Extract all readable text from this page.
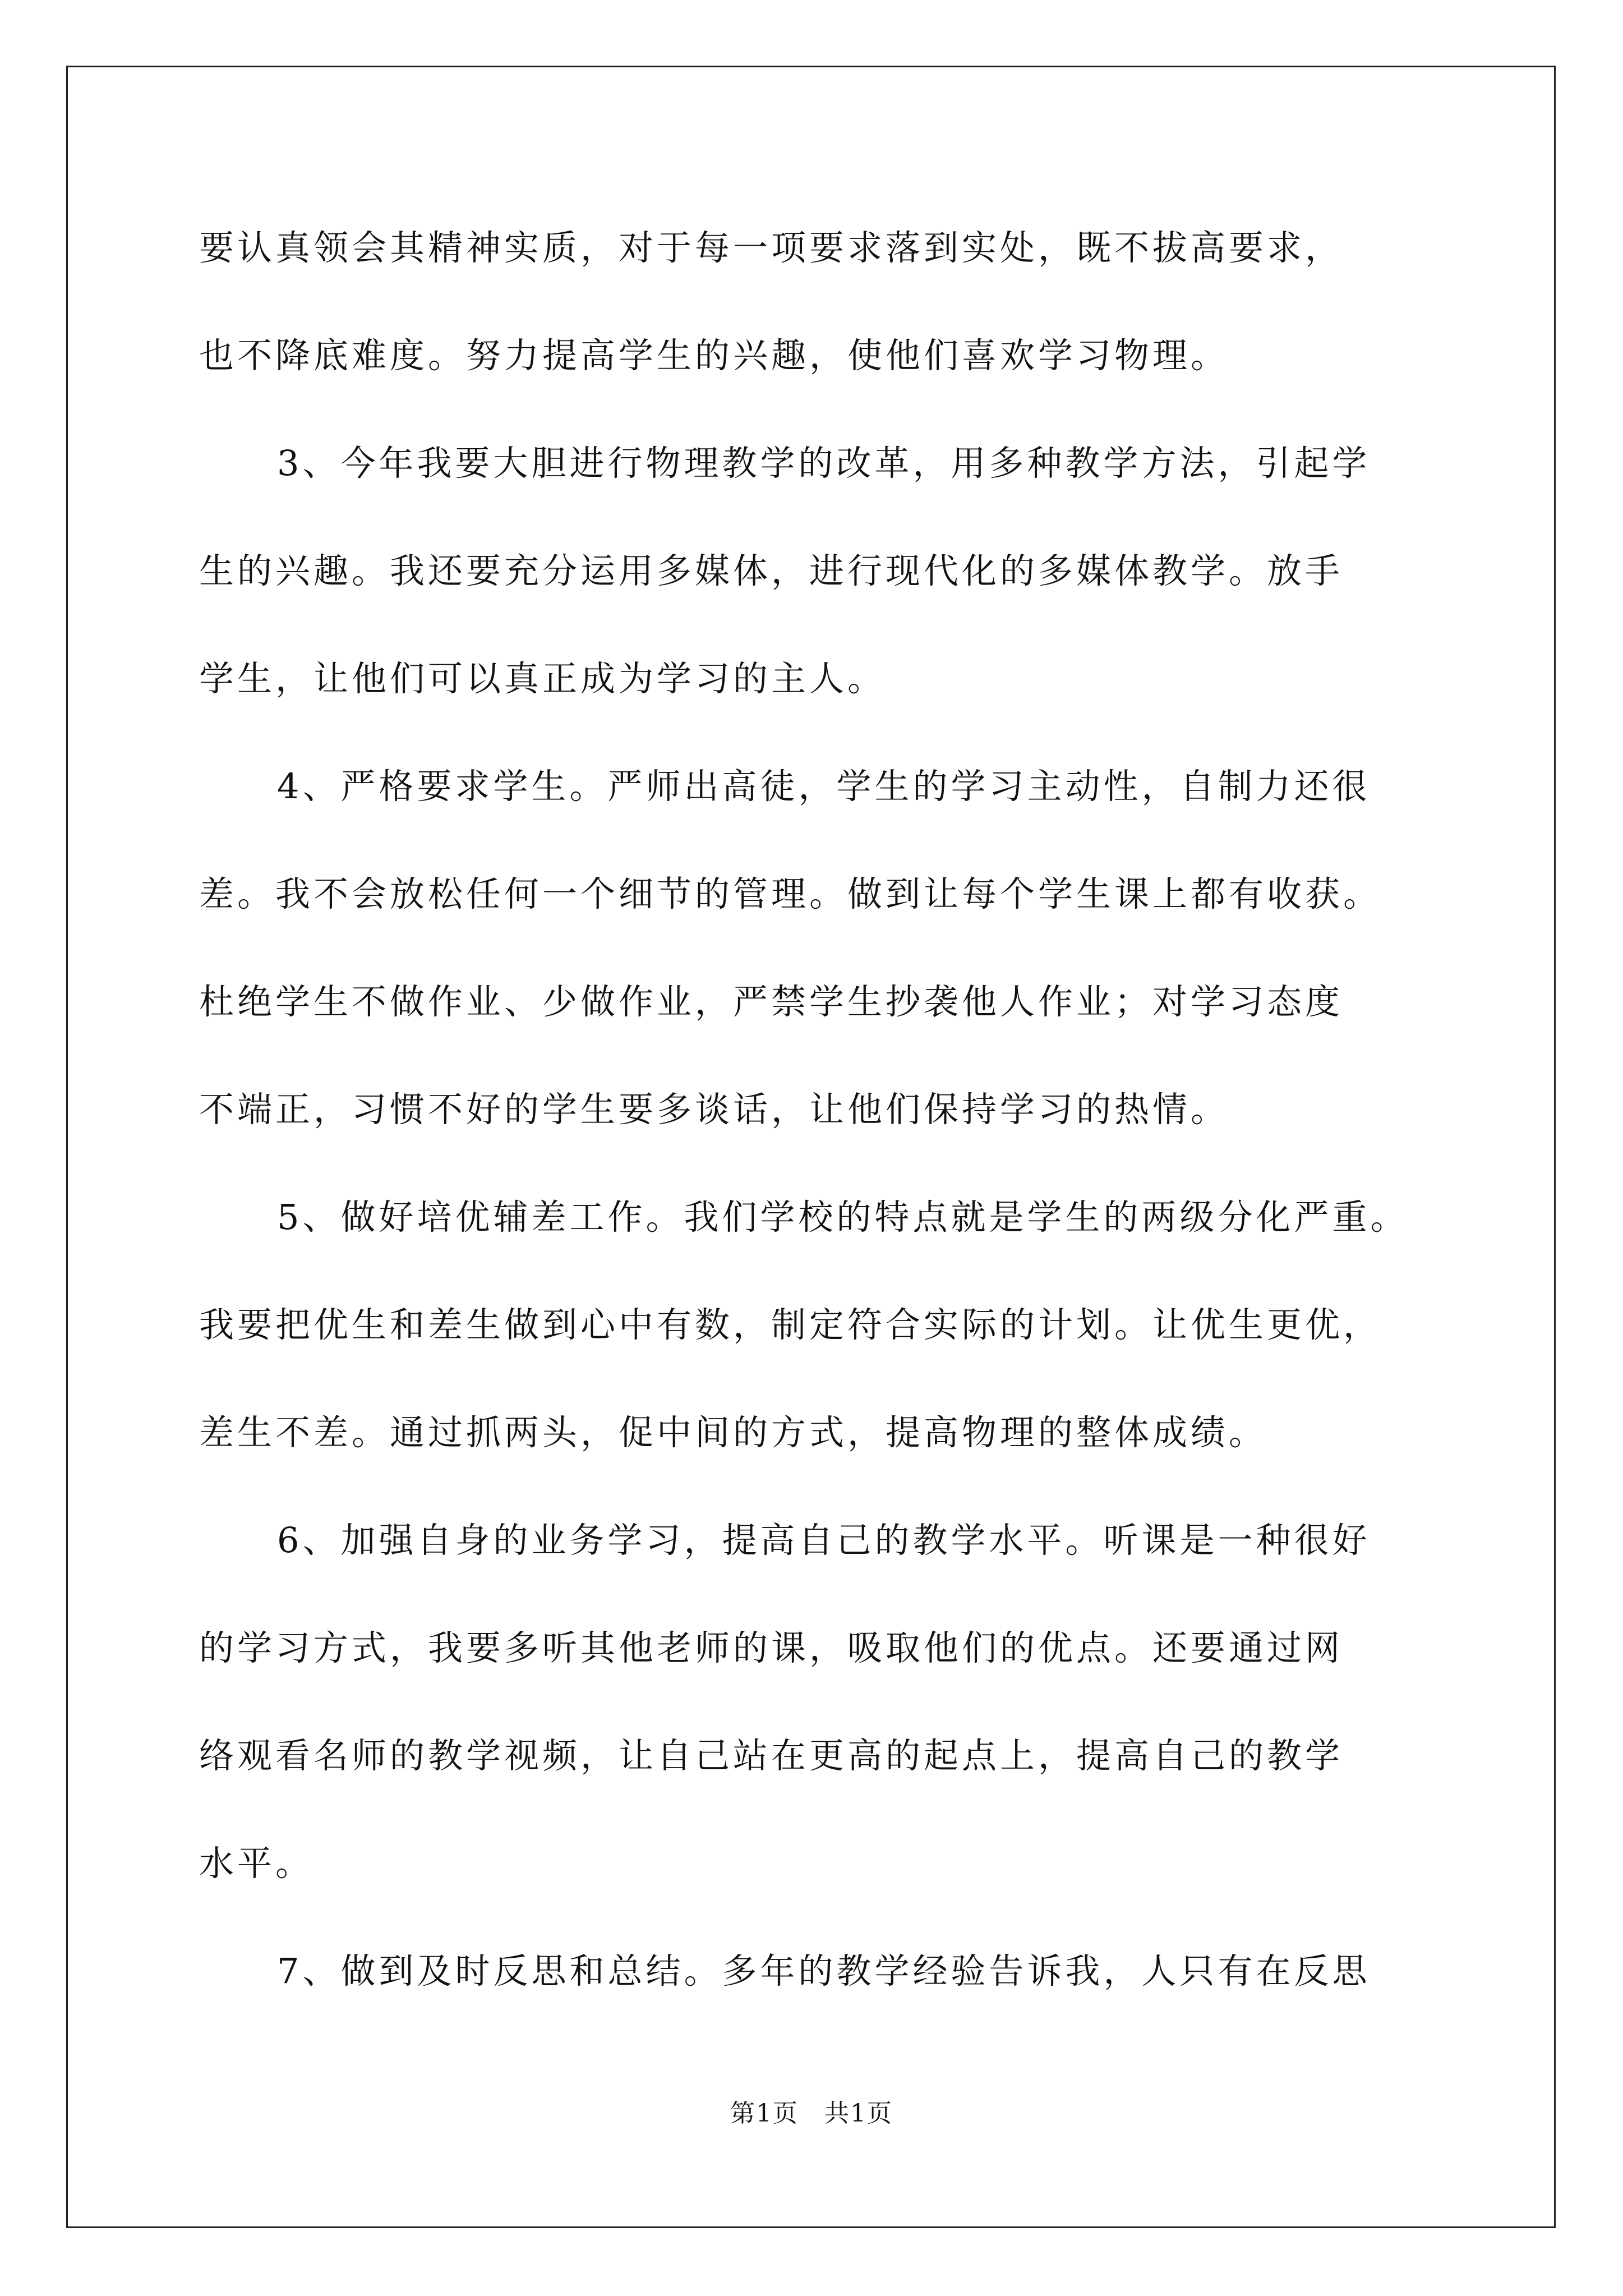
要认真领会其精神实质，对于每一项要求落到实处，既不拔高要求，
也不降底难度。努力提高学生的兴趣，使他们喜欢学习物理。
3、今年我要大胆进行物理教学的改革，用多种教学方法，引起学
生的兴趣。我还要充分运用多媒体，进行现代化的多媒体教学。放手
学生，让他们可以真正成为学习的主人。
4、严格要求学生。严师出高徒，学生的学习主动性，自制力还很
差。我不会放松任何一个细节的管理。做到让每个学生课上都有收获。
杜绝学生不做作业、少做作业，严禁学生抄袭他人作业；对学习态度
不端正，习惯不好的学生要多谈话，让他们保持学习的热情。
5、做好培优辅差工作。我们学校的特点就是学生的两级分化严重。
我要把优生和差生做到心中有数，制定符合实际的计划。让优生更优，
差生不差。通过抓两头，促中间的方式，提高物理的整体成绩。
6、加强自身的业务学习，提高自己的教学水平。听课是一种很好
的学习方式，我要多听其他老师的课，吸取他们的优点。还要通过网
络观看名师的教学视频，让自己站在更高的起点上，提高自己的教学
水平。
7、做到及时反思和总结。多年的教学经验告诉我，人只有在反思
第1页　共1页
